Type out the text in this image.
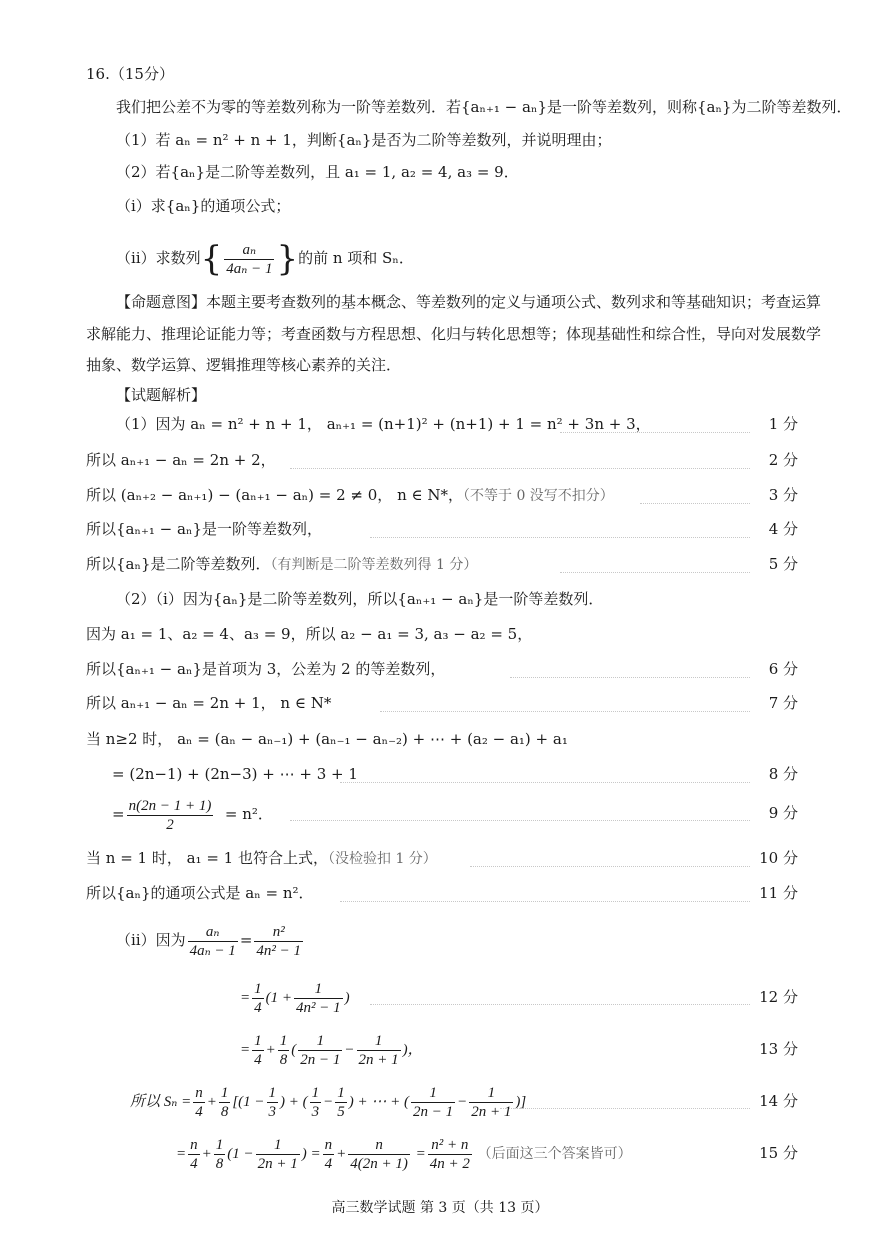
16.（15分）
我们把公差不为零的等差数列称为一阶等差数列．若{aₙ₊₁ − aₙ}是一阶等差数列，则称{aₙ}为二阶等差数列．
（1）若 aₙ = n² + n + 1，判断{aₙ}是否为二阶等差数列，并说明理由；
（2）若{aₙ}是二阶等差数列，且 a₁ = 1, a₂ = 4, a₃ = 9．
（ⅰ）求{aₙ}的通项公式；
（ⅱ）求数列{ $\frac{\text{aₙ}}{\text{4aₙ − 1}}$ }的前 n 项和 Sₙ．
【命题意图】本题主要考查数列的基本概念、等差数列的定义与通项公式、数列求和等基础知识；考查运算
求解能力、推理论证能力等；考查函数与方程思想、化归与转化思想等；体现基础性和综合性，导向对发展数学
抽象、数学运算、逻辑推理等核心素养的关注．
【试题解析】
（1）因为 aₙ = n² + n + 1， aₙ₊₁ = (n+1)² + (n+1) + 1 = n² + 3n + 3，	1 分
所以 aₙ₊₁ − aₙ = 2n + 2，	2 分
所以 (aₙ₊₂ − aₙ₊₁) − (aₙ₊₁ − aₙ) = 2 ≠ 0， n ∈ N*，（不等于 0 没写不扣分）	3 分
所以{aₙ₊₁ − aₙ}是一阶等差数列，	4 分
所以{aₙ}是二阶等差数列．（有判断是二阶等差数列得 1 分）	5 分
（2）（ⅰ）因为{aₙ}是二阶等差数列，所以{aₙ₊₁ − aₙ}是一阶等差数列．
因为 a₁ = 1、a₂ = 4、a₃ = 9，所以 a₂ − a₁ = 3, a₃ − a₂ = 5，
所以{aₙ₊₁ − aₙ}是首项为 3，公差为 2 的等差数列，	6 分
所以 aₙ₊₁ − aₙ = 2n + 1， n ∈ N*	7 分
当 n≥2 时， aₙ = (aₙ − aₙ₋₁) + (aₙ₋₁ − aₙ₋₂) + ⋯ + (a₂ − a₁) + a₁
= (2n−1) + (2n−3) + ⋯ + 3 + 1	8 分
= $\frac{n(2n - 1 + 1)}{2} = n^2$．	9 分
当 n = 1 时， a₁ = 1 也符合上式，（没检验扣 1 分）	10 分
所以{aₙ}的通项公式是 aₙ = n²．	11 分
（ⅱ）因为 $\frac{\text{aₙ}}{\text{4aₙ − 1}} = \frac{\text{n²}}{\text{4n² − 1}}$
= $\frac{1}{4} (1 + \frac{1}{\text{4n² − 1}}$ )	12 分
= $\frac{1}{4} + \frac{1}{8}$ ( $\frac{1}{2n - 1} - \frac{1}{2n + 1}$ )，	13 分
所以 $S_n = \frac{n}{4} + \frac{1}{8} [(1 - \frac{1}{3}$ ) + ( $\frac{1}{3} - \frac{1}{5}$ ) + ⋯ + ( $\frac{1}{2n - 1} - \frac{1}{2n + 1}$ )]	14 分
= $\frac{n}{4} + \frac{1}{8} (1 - \frac{1}{2n + 1}$ ) = $\frac{n}{4} + \frac{n}{4(2n + 1)} = \frac{\text{n² + n}}{4n + 2}$ （后面这三个答案皆可）	15 分
高三数学试题 第 3 页（共 13 页）
